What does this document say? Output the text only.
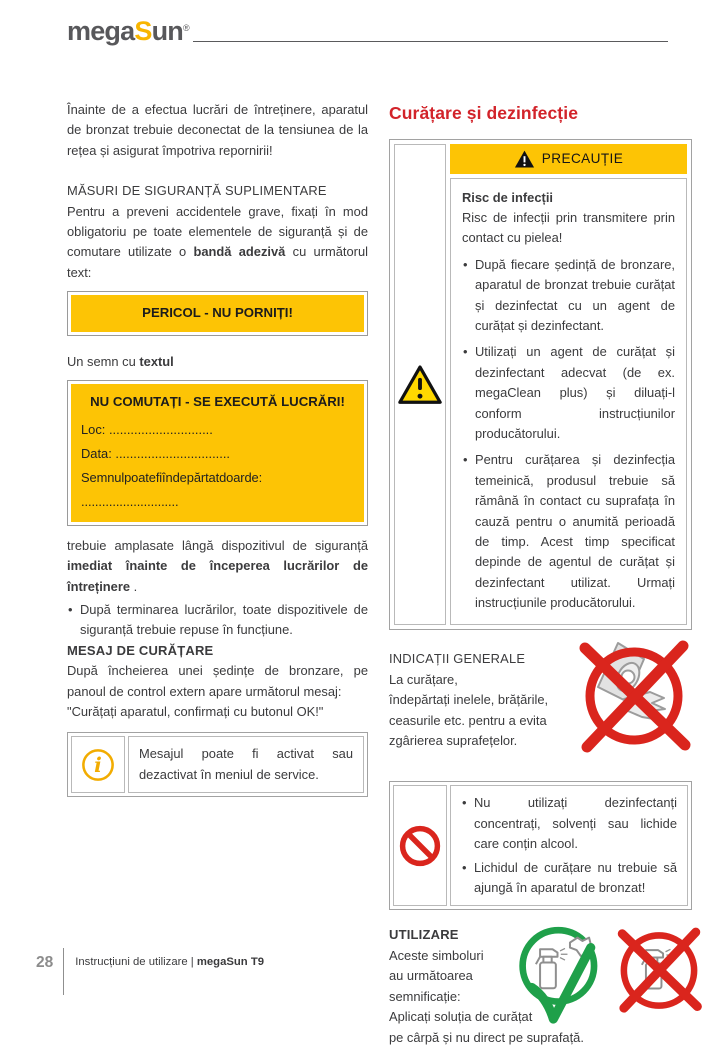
megaSun®

Înainte de a efectua lucrări de întreținere, aparatul de bronzat trebuie deconectat de la tensiunea de la rețea și asigurat împotriva repornirii!

MĂSURI DE SIGURANȚĂ SUPLIMENTARE

Pentru a preveni accidentele grave, fixați în mod obligatoriu pe toate elementele de siguranță și de comutare utilizate o bandă adezivă cu următorul text:

PERICOL - NU PORNIȚI!

Un semn cu textul

NU COMUTAȚI - SE EXECUTĂ LUCRĂRI!
Loc: .............................
Data: ................................
Semnul poate fi îndepărtat doar de: ............................

trebuie amplasate lângă dispozitivul de siguranță imediat înainte de începerea lucrărilor de întreținere .

• După terminarea lucrărilor, toate dispozitivele de siguranță trebuie repuse în funcțiune.
MESAJ DE CURĂȚARE

După încheierea unei ședințe de bronzare, pe panoul de control extern apare următorul mesaj:

"Curățați aparatul, confirmați cu butonul OK!"

i	Mesajul poate fi activat sau dezactivat în meniul de service.
Curățare și dezinfecție
PRECAUȚIE
Risc de infecții

Risc de infecții prin transmitere prin contact cu pielea!

• După fiecare ședință de bronzare, aparatul de bronzat trebuie curățat și dezinfectat cu un agent de curățat și dezinfectant.
• Utilizați un agent de curățat și dezinfectant adecvat (de ex. megaClean plus) și diluați-l conform instrucțiunilor producătorului.
• Pentru curățarea și dezinfecția temeinică, produsul trebuie să rămână în contact cu suprafața în cauză pentru o anumită perioadă de timp. Acest timp specificat depinde de agentul de curățat și dezinfectant utilizat. Urmați instrucțiunile producătorului.
INDICAȚII GENERALE
La curățare,
îndepărtați inelele, brățările,
ceasurile etc. pentru a evita
zgârierea suprafețelor.
• Nu utilizați dezinfectanți concentrați, solvenți sau lichide care conțin alcool.
• Lichidul de curățare nu trebuie să ajungă în aparatul de bronzat!
UTILIZARE
Aceste simboluri
au următoarea
semnificație:
Aplicați soluția de curățat
pe cârpă și nu direct pe suprafață.
28 Instrucțiuni de utilizare | megaSun T9
